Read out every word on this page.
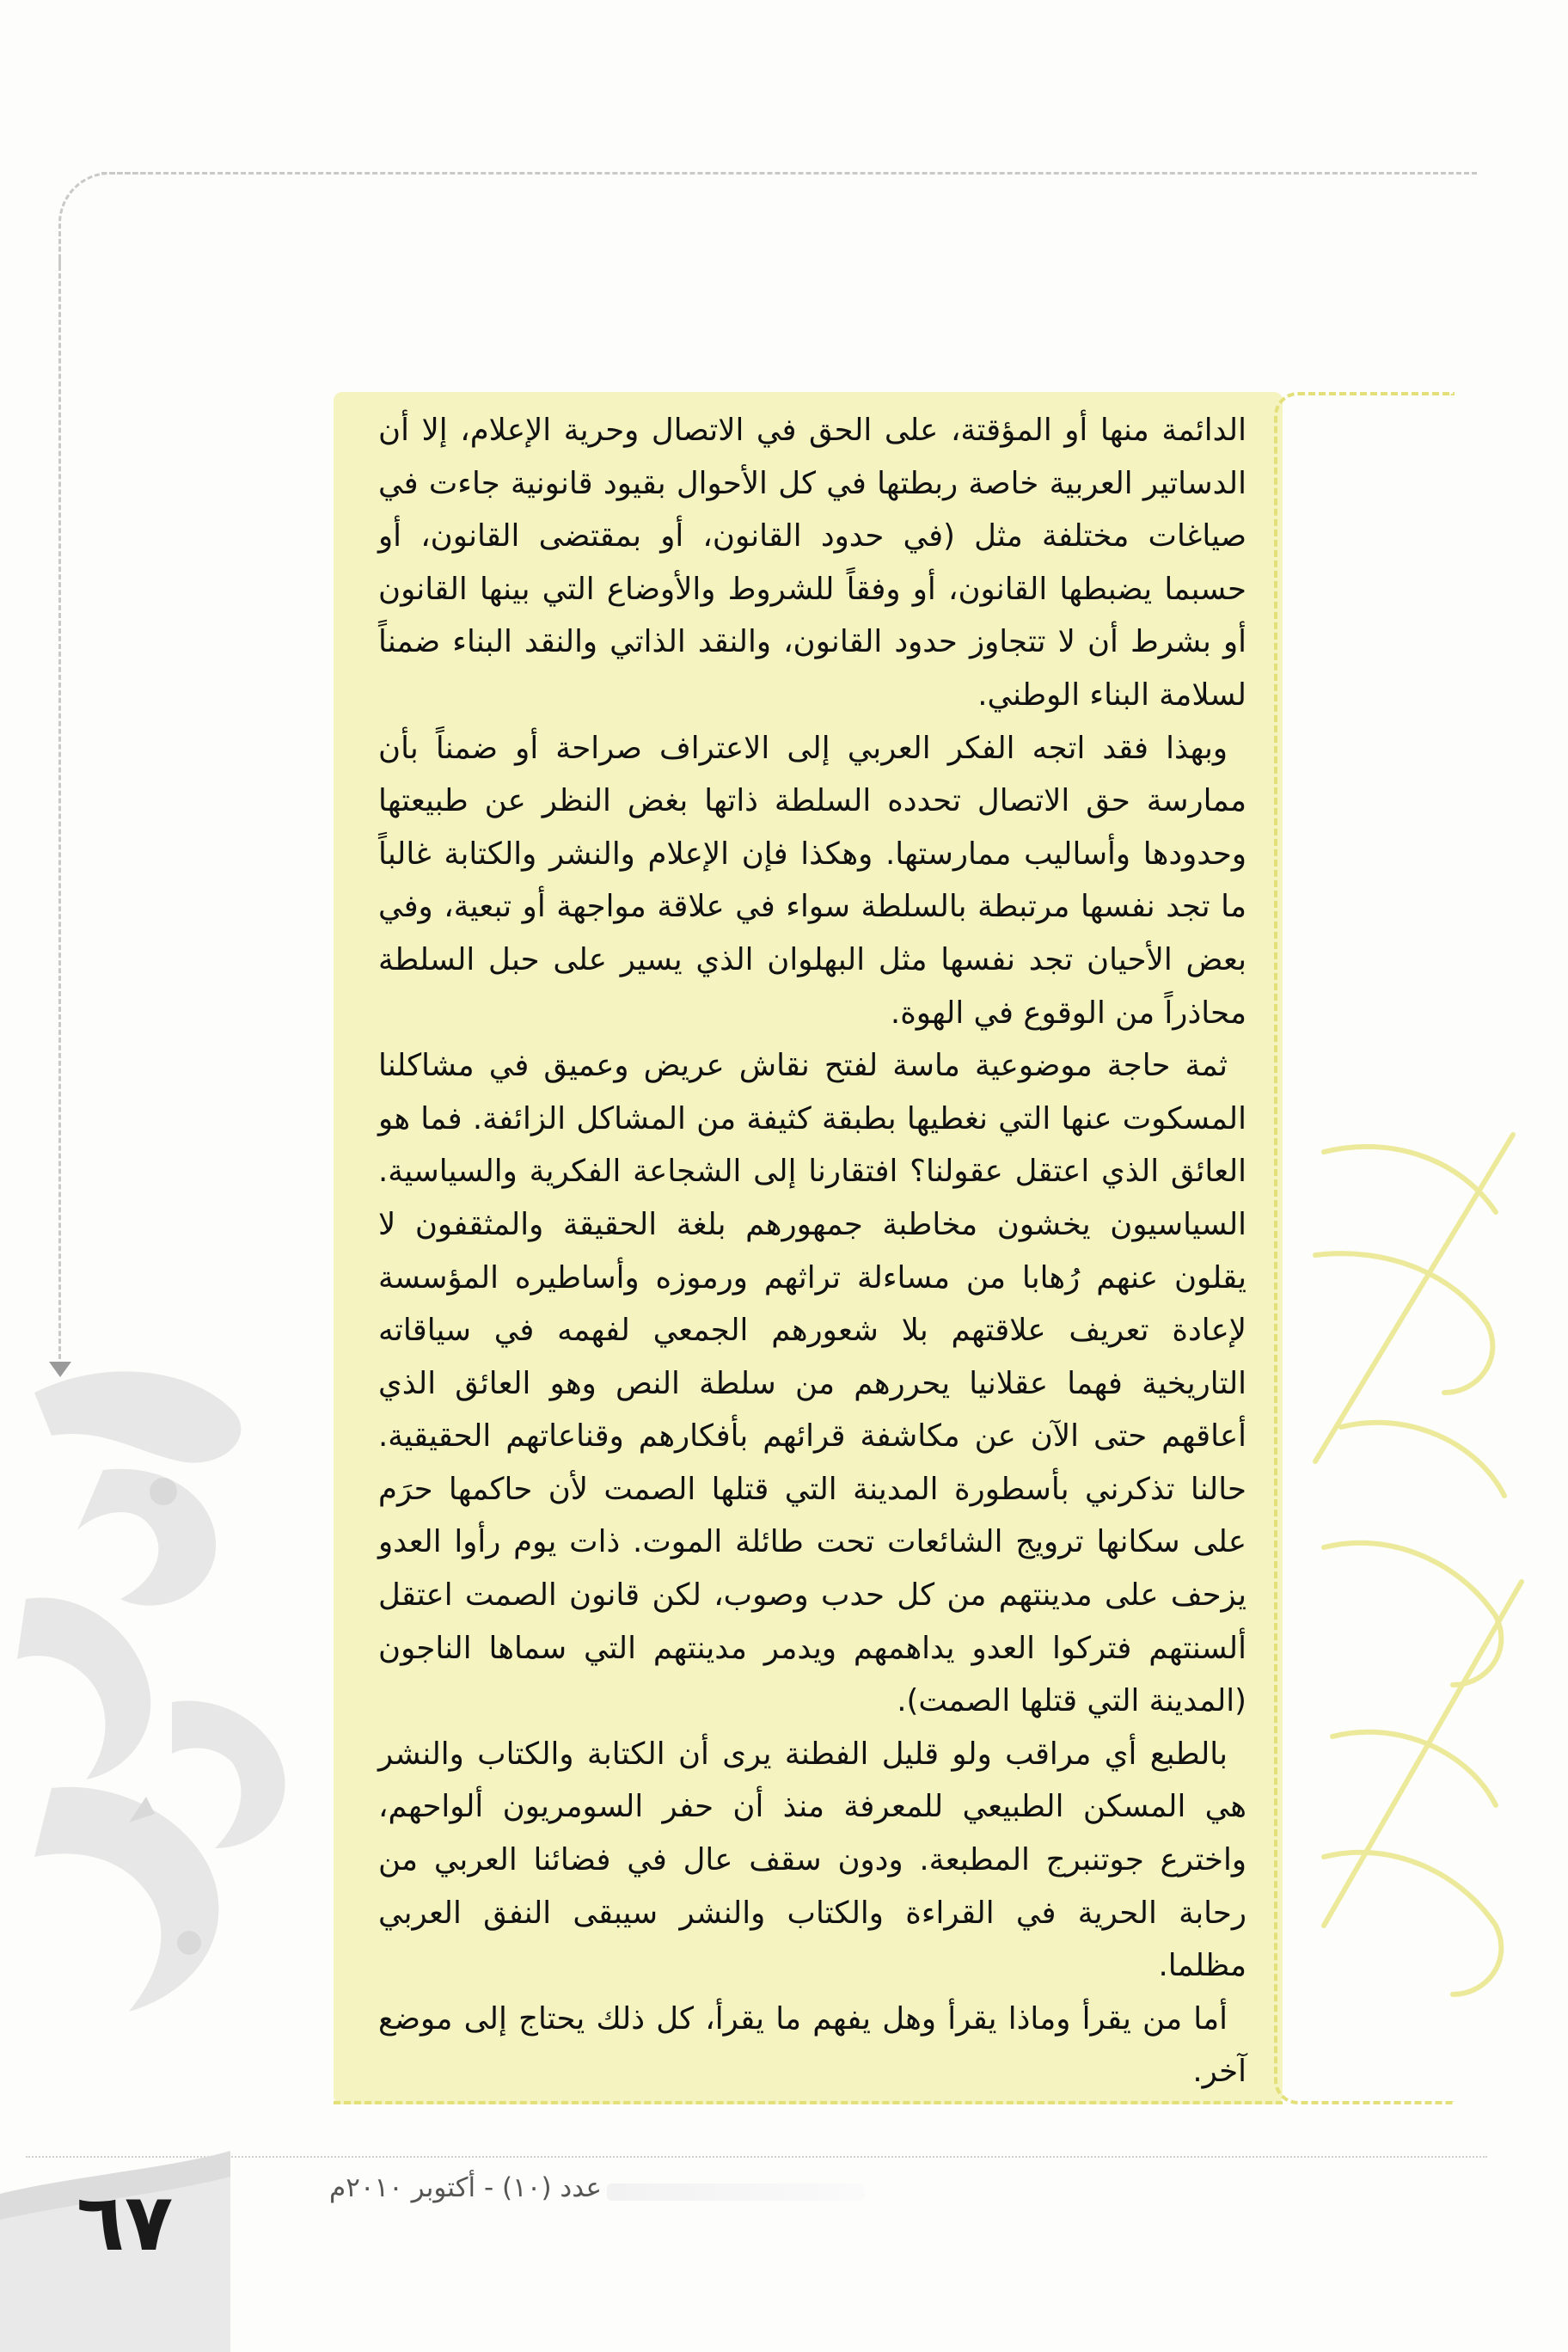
الدائمة منها أو المؤقتة، على الحق في الاتصال وحرية الإعلام، إلا أن الدساتير العربية خاصة ربطتها في كل الأحوال بقيود قانونية جاءت في صياغات مختلفة مثل (في حدود القانون، أو بمقتضى القانون، أو حسبما يضبطها القانون، أو وفقاً للشروط والأوضاع التي بينها القانون أو بشرط أن لا تتجاوز حدود القانون، والنقد الذاتي والنقد البناء ضمناً لسلامة البناء الوطني.

وبهذا فقد اتجه الفكر العربي إلى الاعتراف صراحة أو ضمناً بأن ممارسة حق الاتصال تحدده السلطة ذاتها بغض النظر عن طبيعتها وحدودها وأساليب ممارستها. وهكذا فإن الإعلام والنشر والكتابة غالباً ما تجد نفسها مرتبطة بالسلطة سواء في علاقة مواجهة أو تبعية، وفي بعض الأحيان تجد نفسها مثل البهلوان الذي يسير على حبل السلطة محاذراً من الوقوع في الهوة.

ثمة حاجة موضوعية ماسة لفتح نقاش عريض وعميق في مشاكلنا المسكوت عنها التي نغطيها بطبقة كثيفة من المشاكل الزائفة. فما هو العائق الذي اعتقل عقولنا؟ افتقارنا إلى الشجاعة الفكرية والسياسية. السياسيون يخشون مخاطبة جمهورهم بلغة الحقيقة والمثقفون لا يقلون عنهم رُهابا من مساءلة تراثهم ورموزه وأساطيره المؤسسة لإعادة تعريف علاقتهم بلا شعورهم الجمعي لفهمه في سياقاته التاريخية فهما عقلانيا يحررهم من سلطة النص وهو العائق الذي أعاقهم حتى الآن عن مكاشفة قرائهم بأفكارهم وقناعاتهم الحقيقية. حالنا تذكرني بأسطورة المدينة التي قتلها الصمت لأن حاكمها حرَم على سكانها ترويج الشائعات تحت طائلة الموت. ذات يوم رأوا العدو يزحف على مدينتهم من كل حدب وصوب، لكن قانون الصمت اعتقل ألسنتهم فتركوا العدو يداهمهم ويدمر مدينتهم التي سماها الناجون (المدينة التي قتلها الصمت).

بالطبع أي مراقب ولو قليل الفطنة يرى أن الكتابة والكتاب والنشر هي المسكن الطبيعي للمعرفة منذ أن حفر السومريون ألواحهم، واخترع جوتنبرج المطبعة. ودون سقف عال في فضائنا العربي من رحابة الحرية في القراءة والكتاب والنشر سيبقى النفق العربي مظلما.

أما من يقرأ وماذا يقرأ وهل يفهم ما يقرأ، كل ذلك يحتاج إلى موضع آخر.

عدد (١٠) - أكتوبر ٢٠١٠م
٦٧
